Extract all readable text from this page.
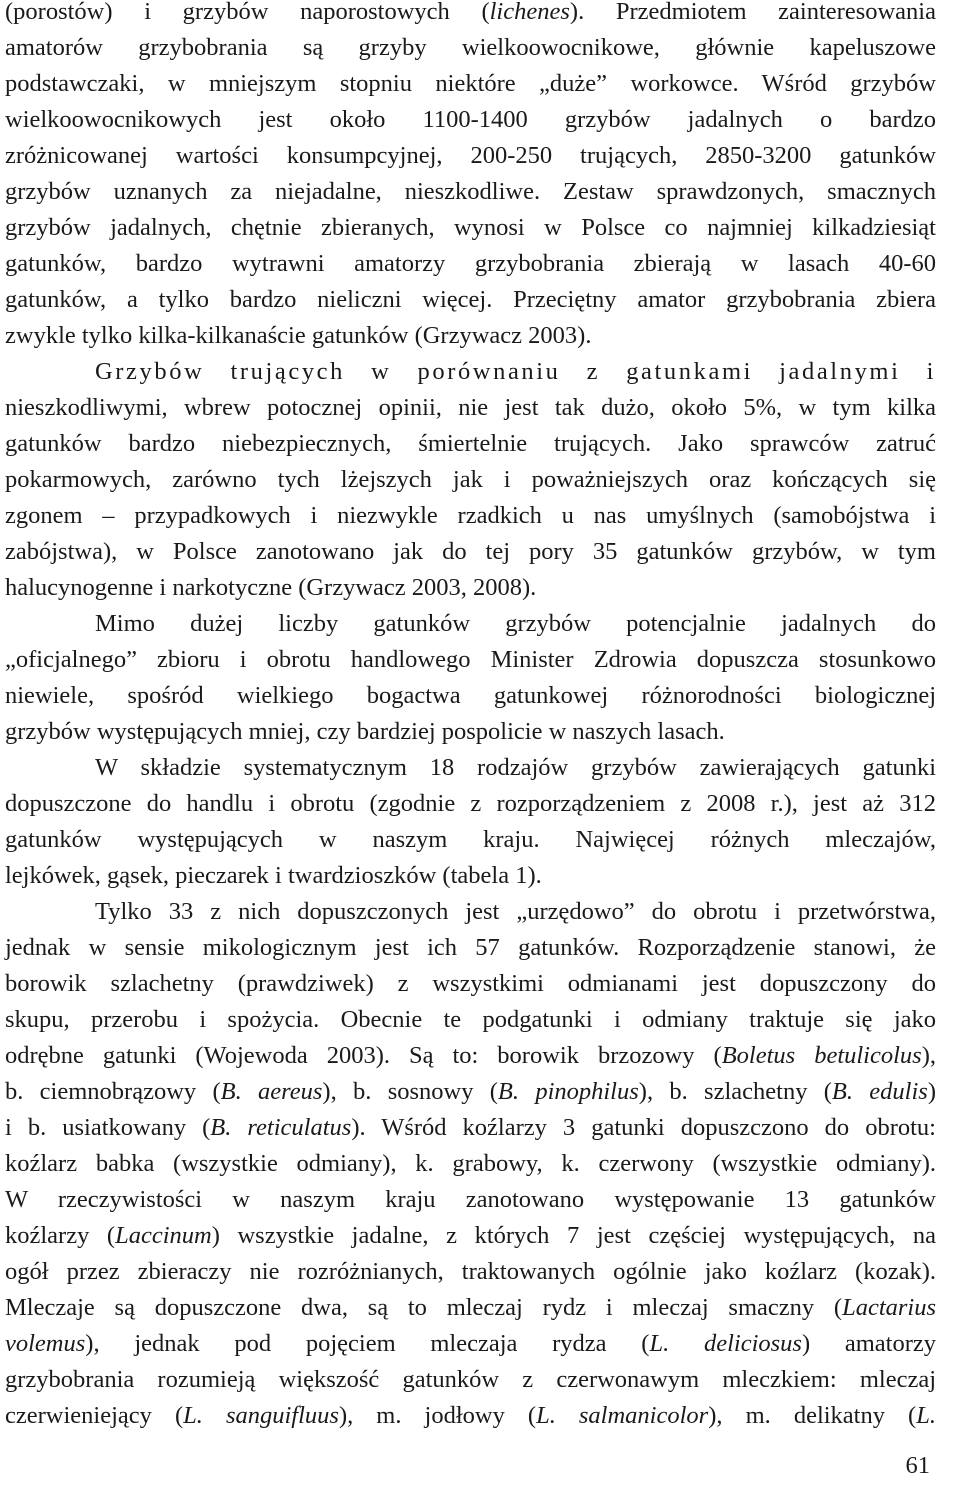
(porostów) i grzybów naporostowych (lichenes). Przedmiotem zainteresowania
amatorów grzybobrania są grzyby wielkoowocnikowe, głównie kapeluszowe
podstawczaki, w mniejszym stopniu niektóre „duże” workowce. Wśród grzybów
wielkoowocnikowych jest około 1100-1400 grzybów jadalnych o bardzo
zróżnicowanej wartości konsumpcyjnej, 200-250 trujących, 2850-3200 gatunków
grzybów uznanych za niejadalne, nieszkodliwe. Zestaw sprawdzonych, smacznych
grzybów jadalnych, chętnie zbieranych, wynosi w Polsce co najmniej kilkadziesiąt
gatunków, bardzo wytrawni amatorzy grzybobrania zbierają w lasach 40-60
gatunków, a tylko bardzo nieliczni więcej. Przeciętny amator grzybobrania zbiera
zwykle tylko kilka-kilkanaście gatunków (Grzywacz 2003).
Grzybów trujących w porównaniu z gatunkami jadalnymi i
nieszkodliwymi, wbrew potocznej opinii, nie jest tak dużo, około 5%, w tym kilka
gatunków bardzo niebezpiecznych, śmiertelnie trujących. Jako sprawców zatruć
pokarmowych, zarówno tych lżejszych jak i poważniejszych oraz kończących się
zgonem – przypadkowych i niezwykle rzadkich u nas umyślnych (samobójstwa i
zabójstwa), w Polsce zanotowano jak do tej pory 35 gatunków grzybów, w tym
halucynogenne i narkotyczne (Grzywacz 2003, 2008).
Mimo dużej liczby gatunków grzybów potencjalnie jadalnych do
„oficjalnego” zbioru i obrotu handlowego Minister Zdrowia dopuszcza stosunkowo
niewiele, spośród wielkiego bogactwa gatunkowej różnorodności biologicznej
grzybów występujących mniej, czy bardziej pospolicie w naszych lasach.
W składzie systematycznym 18 rodzajów grzybów zawierających gatunki
dopuszczone do handlu i obrotu (zgodnie z rozporządzeniem z 2008 r.), jest aż 312
gatunków występujących w naszym kraju. Najwięcej różnych mleczajów,
lejkówek, gąsek, pieczarek i twardzioszków (tabela 1).
Tylko 33 z nich dopuszczonych jest „urzędowo” do obrotu i przetwórstwa,
jednak w sensie mikologicznym jest ich 57 gatunków. Rozporządzenie stanowi, że
borowik szlachetny (prawdziwek) z wszystkimi odmianami jest dopuszczony do
skupu, przerobu i spożycia. Obecnie te podgatunki i odmiany traktuje się jako
odrębne gatunki (Wojewoda 2003). Są to: borowik brzozowy (Boletus betulicolus),
b. ciemnobrązowy (B. aereus), b. sosnowy (B. pinophilus), b. szlachetny (B. edulis)
i b. usiatkowany (B. reticulatus). Wśród koźlarzy 3 gatunki dopuszczono do obrotu:
koźlarz babka (wszystkie odmiany), k. grabowy, k. czerwony (wszystkie odmiany).
W rzeczywistości w naszym kraju zanotowano występowanie 13 gatunków
koźlarzy (Laccinum) wszystkie jadalne, z których 7 jest częściej występujących, na
ogół przez zbieraczy nie rozróżnianych, traktowanych ogólnie jako koźlarz (kozak).
Mleczaje są dopuszczone dwa, są to mleczaj rydz i mleczaj smaczny (Lactarius
volemus), jednak pod pojęciem mleczaja rydza (L. deliciosus) amatorzy
grzybobrania rozumieją większość gatunków z czerwonawym mleczkiem: mleczaj
czerwieniejący (L. sanguifluus), m. jodłowy (L. salmanicolor), m. delikatny (L.
61
